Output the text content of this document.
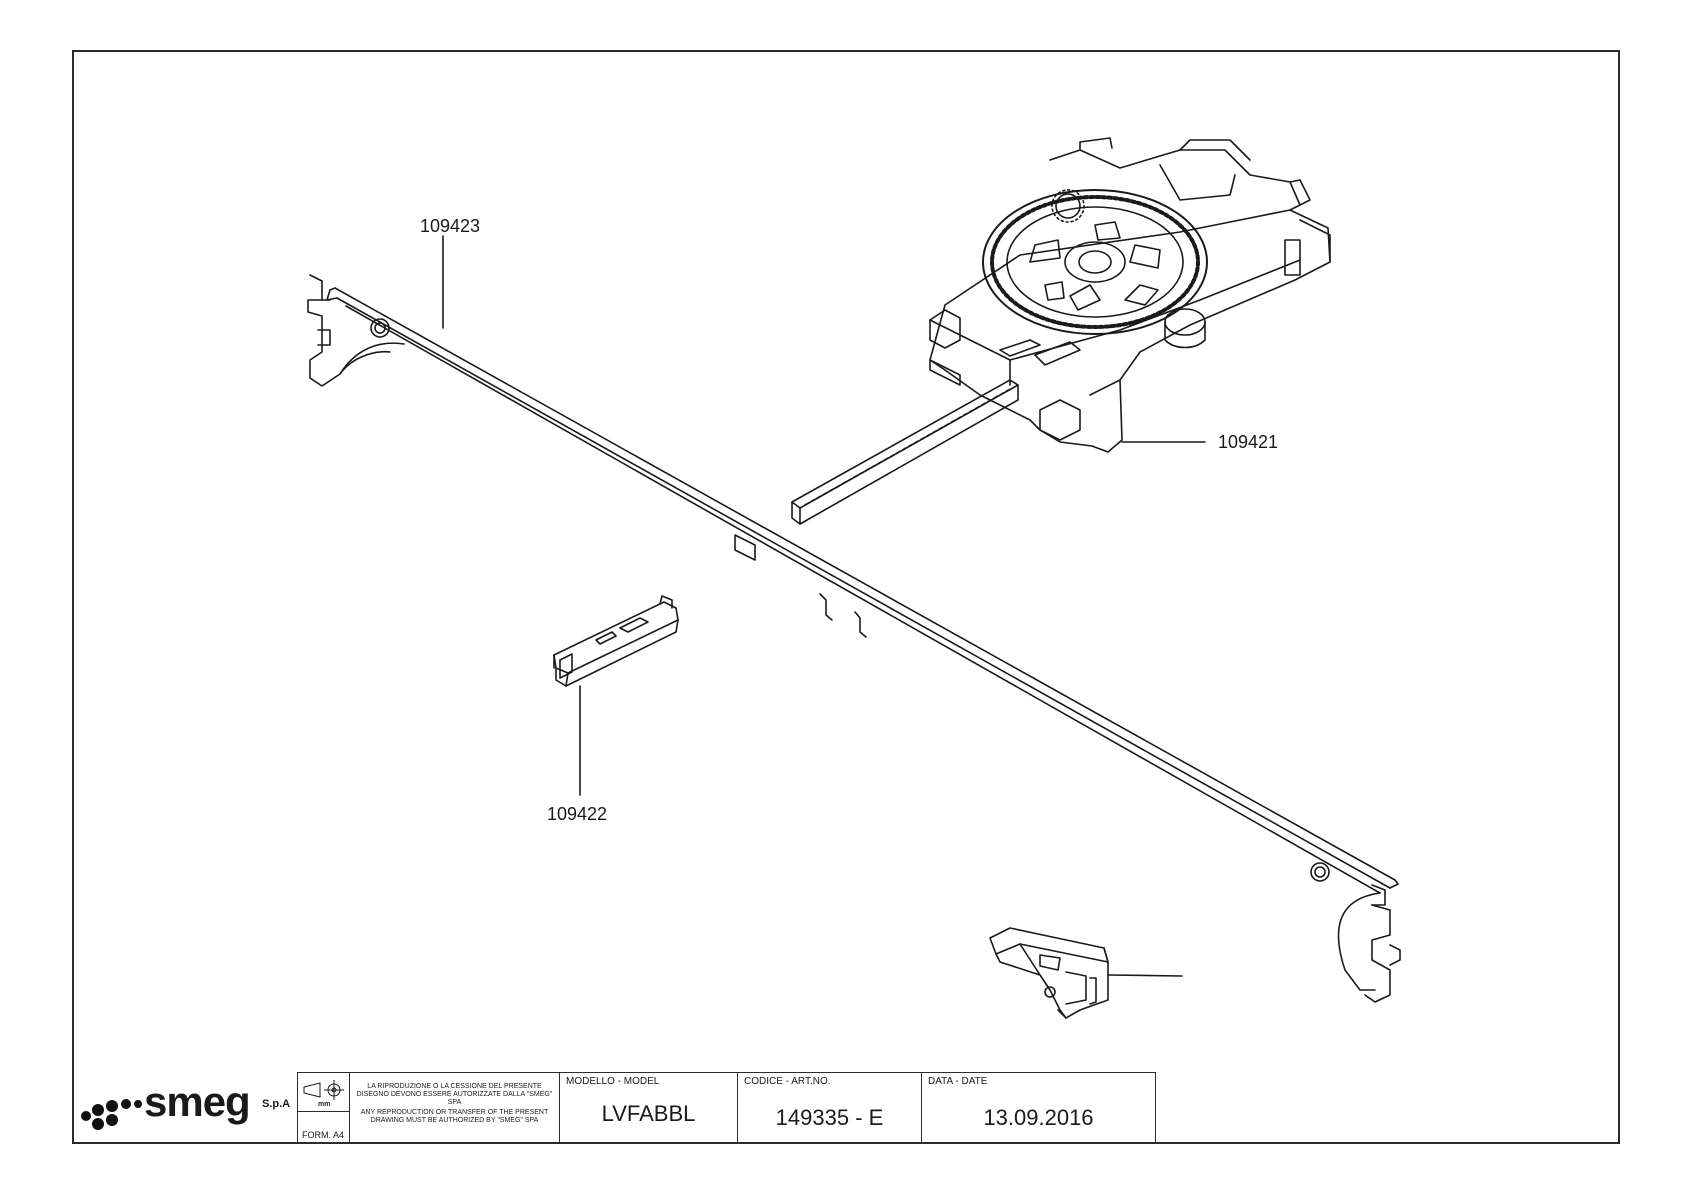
109423
109421
109422
smeg S.p.A	mm
FORM. A4

LA RIPRODUZIONE O LA CESSIONE DEL PRESENTE DISEGNO DEVONO ESSERE AUTORIZZATE DALLA "SMEG" SPA

ANY REPRODUCTION OR TRANSFER OF THE PRESENT DRAWING MUST BE AUTHORIZED BY "SMEG" SPA

MODELLO - MODEL
LVFABBL
CODICE - ART.NO.
149335 - E
DATA - DATE
13.09.2016
